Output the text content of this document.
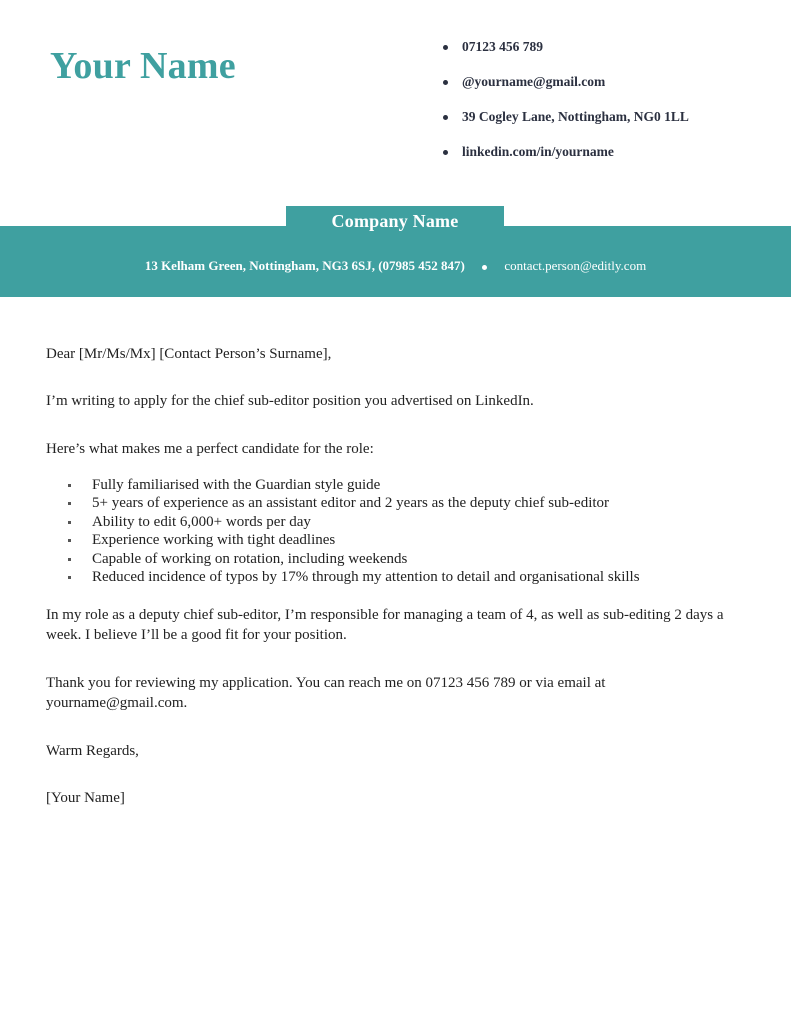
Your Name	07123 456 789
@yourname@gmail.com
39 Cogley Lane, Nottingham, NG0 1LL
linkedin.com/in/yourname
Company Name
13 Kelham Green, Nottingham, NG3 6SJ, (07985 452 847)	contact.person@editly.com

Dear [Mr/Ms/Mx] [Contact Person’s Surname],

I’m writing to apply for the chief sub-editor position you advertised on LinkedIn.

Here’s what makes me a perfect candidate for the role:

Fully familiarised with the Guardian style guide
5+ years of experience as an assistant editor and 2 years as the deputy chief sub-editor
Ability to edit 6,000+ words per day
Experience working with tight deadlines
Capable of working on rotation, including weekends
Reduced incidence of typos by 17% through my attention to detail and organisational skills

In my role as a deputy chief sub-editor, I’m responsible for managing a team of 4, as well as sub-editing 2 days a week. I believe I’ll be a good fit for your position.

Thank you for reviewing my application. You can reach me on 07123 456 789 or via email at yourname@gmail.com.

Warm Regards,

[Your Name]
